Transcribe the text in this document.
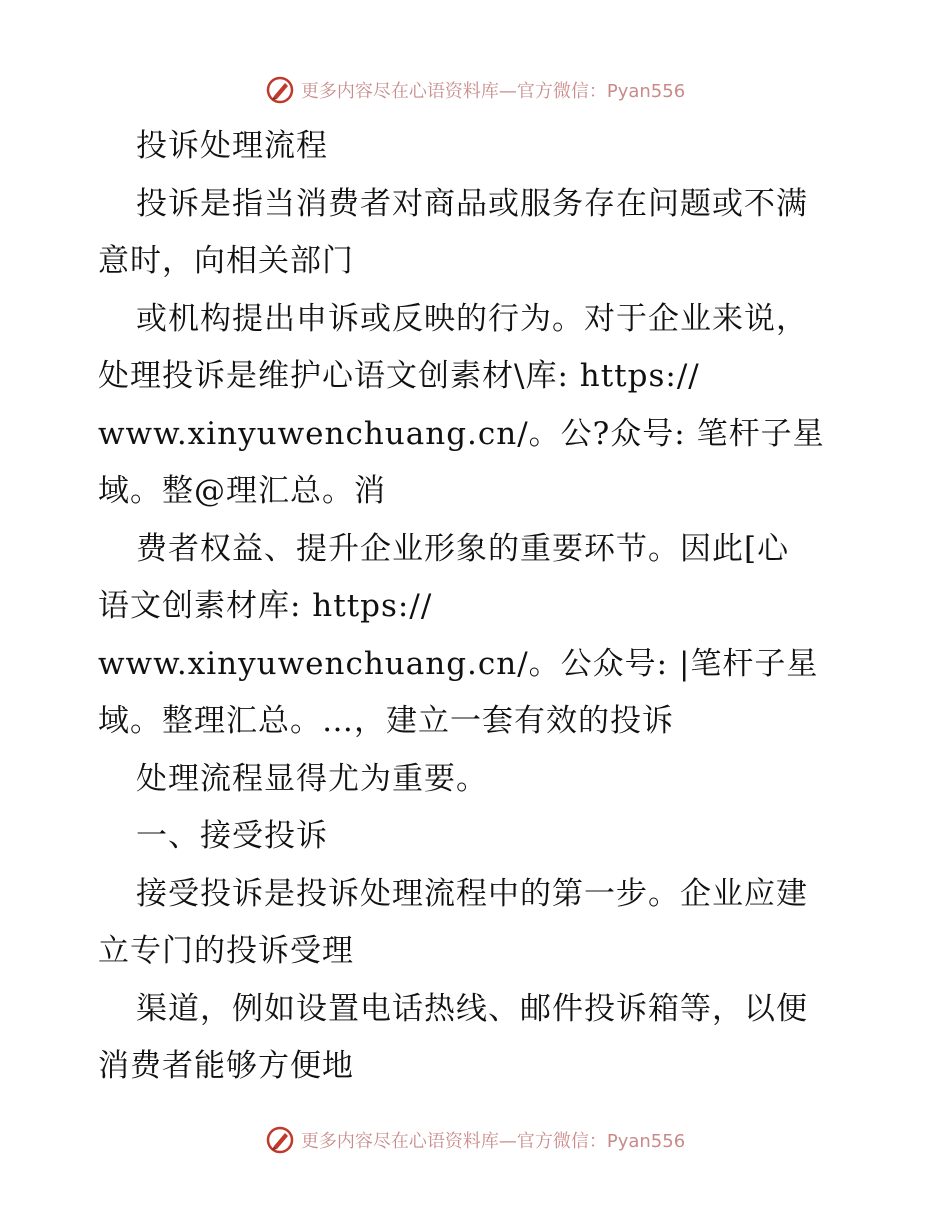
更多内容尽在心语资料库—官方微信：Pyan556
投诉处理流程
投诉是指当消费者对商品或服务存在问题或不满
意时，向相关部门
或机构提出申诉或反映的行为。对于企业来说，
处理投诉是维护心语文创素材\库: https://
www.xinyuwenchuang.cn/。公?众号: 笔杆子星
域。整@理汇总。消
费者权益、提升企业形象的重要环节。因此[心
语文创素材库: https://
www.xinyuwenchuang.cn/。公众号: |笔杆子星
域。整理汇总。…，建立一套有效的投诉
处理流程显得尤为重要。
一、接受投诉
接受投诉是投诉处理流程中的第一步。企业应建
立专门的投诉受理
渠道，例如设置电话热线、邮件投诉箱等，以便
消费者能够方便地
更多内容尽在心语资料库—官方微信：Pyan556
